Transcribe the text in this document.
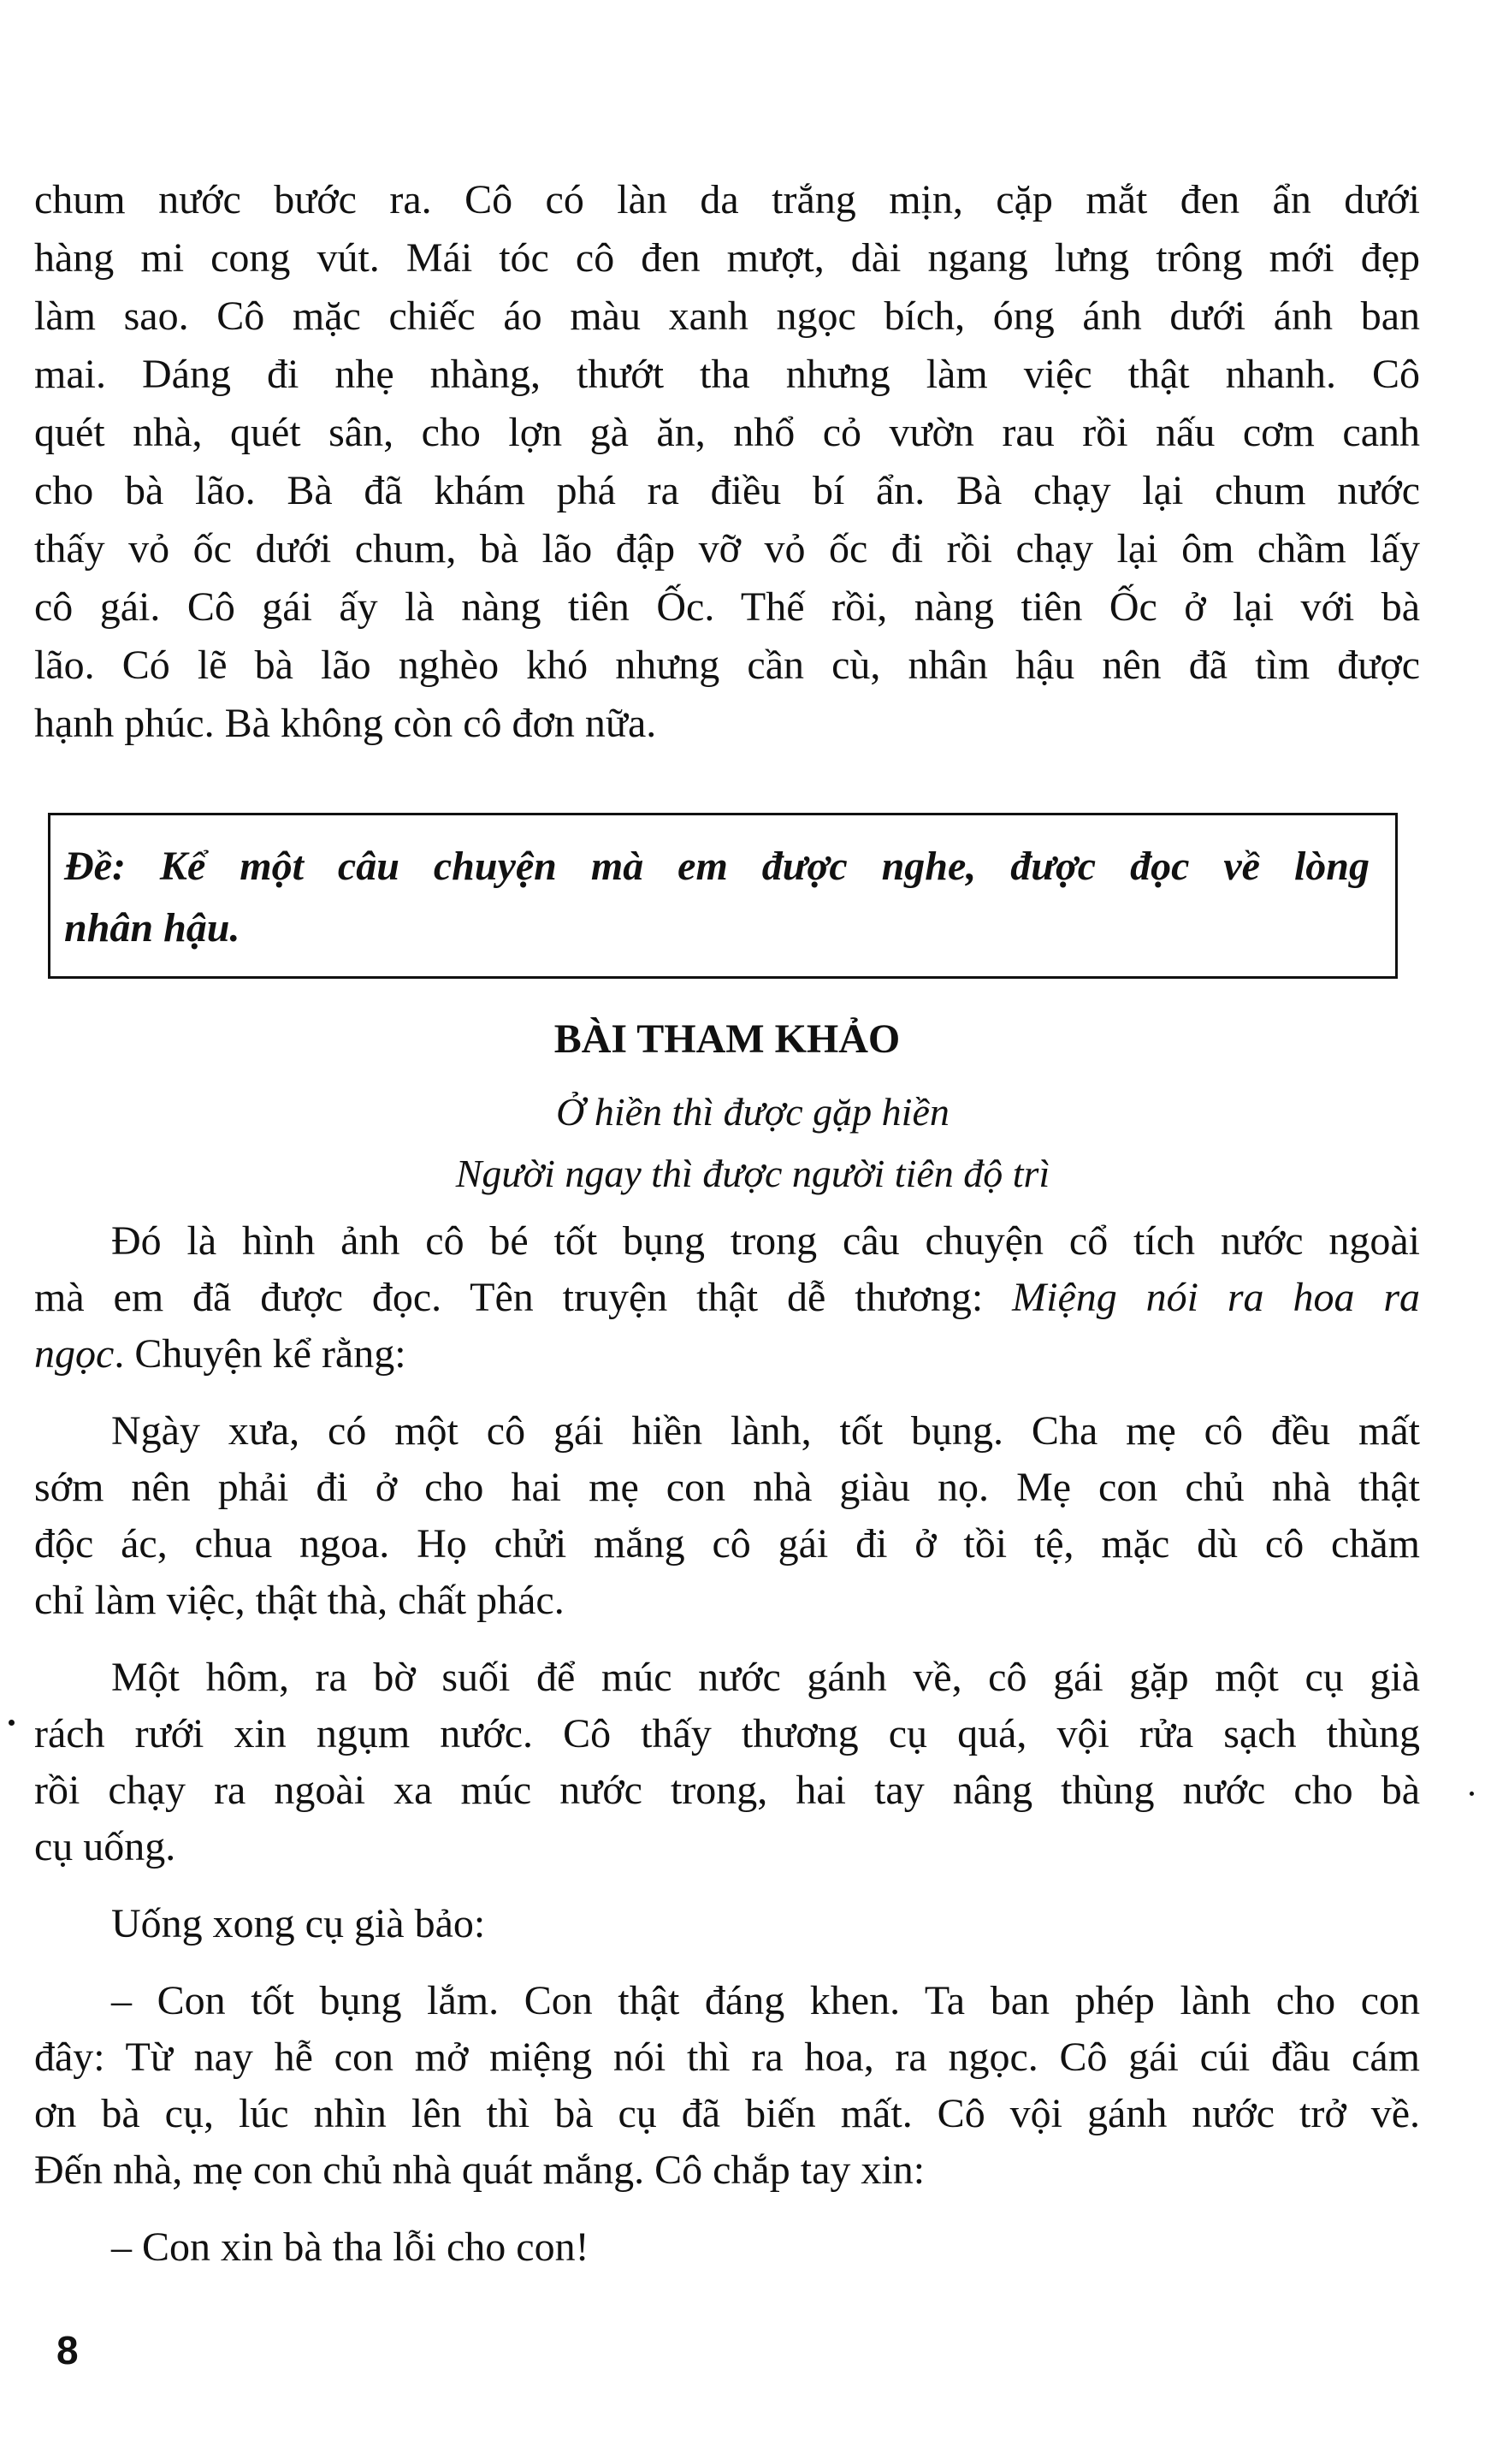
chum nước bước ra. Cô có làn da trắng mịn, cặp mắt đen ẩn dưới
hàng mi cong vút. Mái tóc cô đen mượt, dài ngang lưng trông mới đẹp
làm sao. Cô mặc chiếc áo màu xanh ngọc bích, óng ánh dưới ánh ban
mai. Dáng đi nhẹ nhàng, thướt tha nhưng làm việc thật nhanh. Cô
quét nhà, quét sân, cho lợn gà ăn, nhổ cỏ vườn rau rồi nấu cơm canh
cho bà lão. Bà đã khám phá ra điều bí ẩn. Bà chạy lại chum nước
thấy vỏ ốc dưới chum, bà lão đập vỡ vỏ ốc đi rồi chạy lại ôm chầm lấy
cô gái. Cô gái ấy là nàng tiên Ốc. Thế rồi, nàng tiên Ốc ở lại với bà
lão. Có lẽ bà lão nghèo khó nhưng cần cù, nhân hậu nên đã tìm được
hạnh phúc. Bà không còn cô đơn nữa.
Đề: Kể một câu chuyện mà em được nghe, được đọc về lòng
nhân hậu.
BÀI THAM KHẢO
Ở hiền thì được gặp hiền
Người ngay thì được người tiên độ trì

Đó là hình ảnh cô bé tốt bụng trong câu chuyện cổ tích nước ngoài
mà em đã được đọc. Tên truyện thật dễ thương: Miệng nói ra hoa ra
ngọc. Chuyện kể rằng:

Ngày xưa, có một cô gái hiền lành, tốt bụng. Cha mẹ cô đều mất
sớm nên phải đi ở cho hai mẹ con nhà giàu nọ. Mẹ con chủ nhà thật
độc ác, chua ngoa. Họ chửi mắng cô gái đi ở tồi tệ, mặc dù cô chăm
chỉ làm việc, thật thà, chất phác.

Một hôm, ra bờ suối để múc nước gánh về, cô gái gặp một cụ già
rách rưới xin ngụm nước. Cô thấy thương cụ quá, vội rửa sạch thùng
rồi chạy ra ngoài xa múc nước trong, hai tay nâng thùng nước cho bà
cụ uống.

Uống xong cụ già bảo:

– Con tốt bụng lắm. Con thật đáng khen. Ta ban phép lành cho con
đây: Từ nay hễ con mở miệng nói thì ra hoa, ra ngọc. Cô gái cúi đầu cám
ơn bà cụ, lúc nhìn lên thì bà cụ đã biến mất. Cô vội gánh nước trở về.
Đến nhà, mẹ con chủ nhà quát mắng. Cô chắp tay xin:

– Con xin bà tha lỗi cho con!

8
